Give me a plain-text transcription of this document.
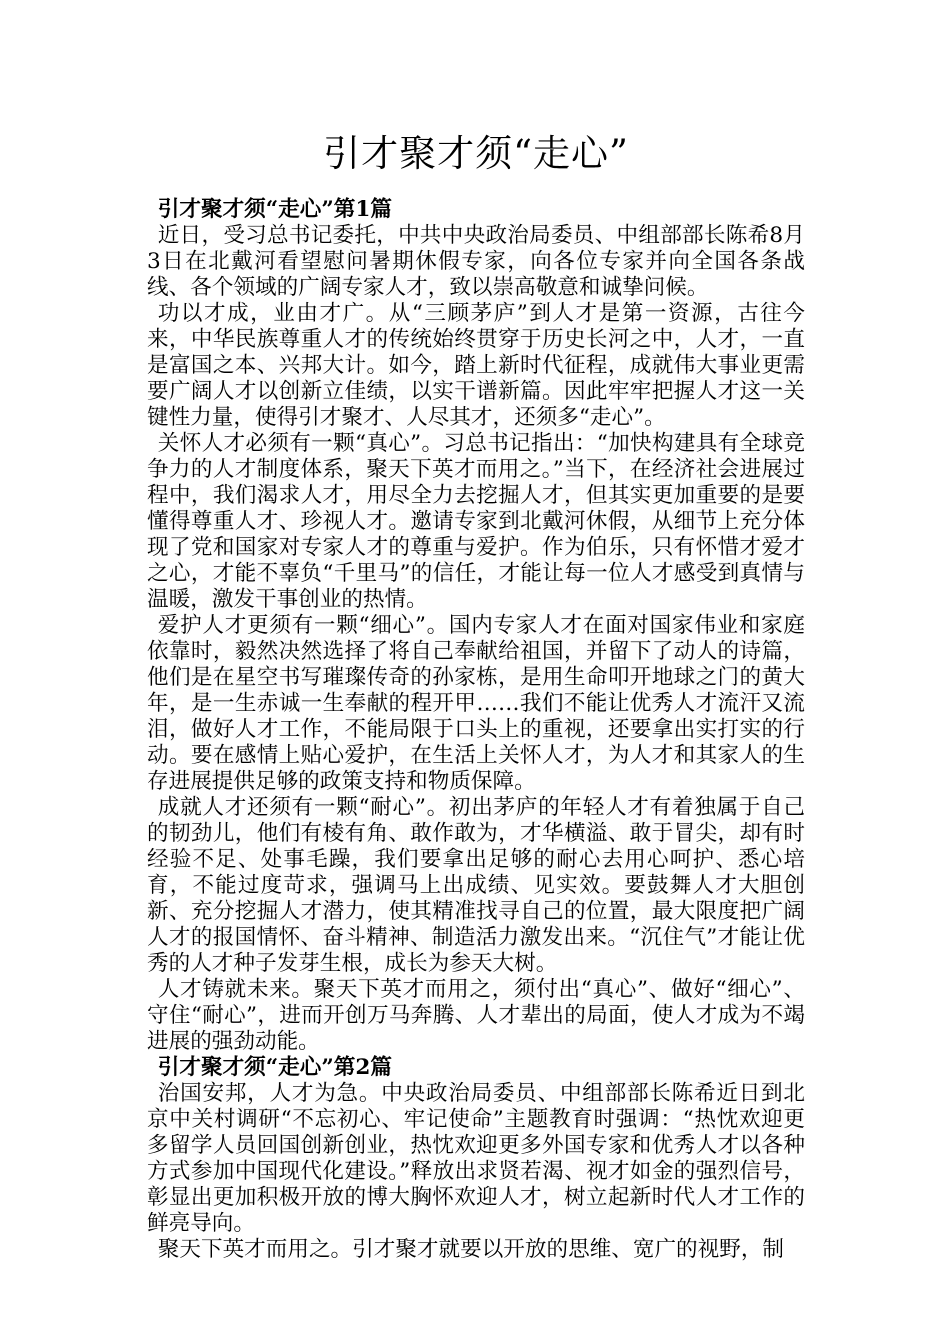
引才聚才须“走心”
引才聚才须“走心”第1篇

近日，受习总书记委托，中共中央政治局委员、中组部部长陈希8月3日在北戴河看望慰问暑期休假专家，向各位专家并向全国各条战线、各个领域的广阔专家人才，致以崇高敬意和诚挚问候。

功以才成，业由才广。从“三顾茅庐”到人才是第一资源，古往今来，中华民族尊重人才的传统始终贯穿于历史长河之中，人才，一直是富国之本、兴邦大计。如今，踏上新时代征程，成就伟大事业更需要广阔人才以创新立佳绩，以实干谱新篇。因此牢牢把握人才这一关键性力量，使得引才聚才、人尽其才，还须多“走心”。

关怀人才必须有一颗“真心”。习总书记指出：“加快构建具有全球竞争力的人才制度体系，聚天下英才而用之。”当下，在经济社会进展过程中，我们渴求人才，用尽全力去挖掘人才，但其实更加重要的是要懂得尊重人才、珍视人才。邀请专家到北戴河休假，从细节上充分体现了党和国家对专家人才的尊重与爱护。作为伯乐，只有怀惜才爱才之心，才能不辜负“千里马”的信任，才能让每一位人才感受到真情与温暖，激发干事创业的热情。

爱护人才更须有一颗“细心”。国内专家人才在面对国家伟业和家庭依靠时，毅然决然选择了将自己奉献给祖国，并留下了动人的诗篇，他们是在星空书写璀璨传奇的孙家栋，是用生命叩开地球之门的黄大年，是一生赤诚一生奉献的程开甲……我们不能让优秀人才流汗又流泪，做好人才工作，不能局限于口头上的重视，还要拿出实打实的行动。要在感情上贴心爱护，在生活上关怀人才，为人才和其家人的生存进展提供足够的政策支持和物质保障。

成就人才还须有一颗“耐心”。初出茅庐的年轻人才有着独属于自己的韧劲儿，他们有棱有角、敢作敢为，才华横溢、敢于冒尖，却有时经验不足、处事毛躁，我们要拿出足够的耐心去用心呵护、悉心培育，不能过度苛求，强调马上出成绩、见实效。要鼓舞人才大胆创新、充分挖掘人才潜力，使其精准找寻自己的位置，最大限度把广阔人才的报国情怀、奋斗精神、制造活力激发出来。“沉住气”才能让优秀的人才种子发芽生根，成长为参天大树。

人才铸就未来。聚天下英才而用之，须付出“真心”、做好“细心”、守住“耐心”，进而开创万马奔腾、人才辈出的局面，使人才成为不竭进展的强劲动能。

引才聚才须“走心”第2篇

治国安邦，人才为急。中央政治局委员、中组部部长陈希近日到北京中关村调研“不忘初心、牢记使命”主题教育时强调：“热忱欢迎更多留学人员回国创新创业，热忱欢迎更多外国专家和优秀人才以各种方式参加中国现代化建设。”释放出求贤若渴、视才如金的强烈信号，彰显出更加积极开放的博大胸怀欢迎人才，树立起新时代人才工作的鲜亮导向。

聚天下英才而用之。引才聚才就要以开放的思维、宽广的视野，制
